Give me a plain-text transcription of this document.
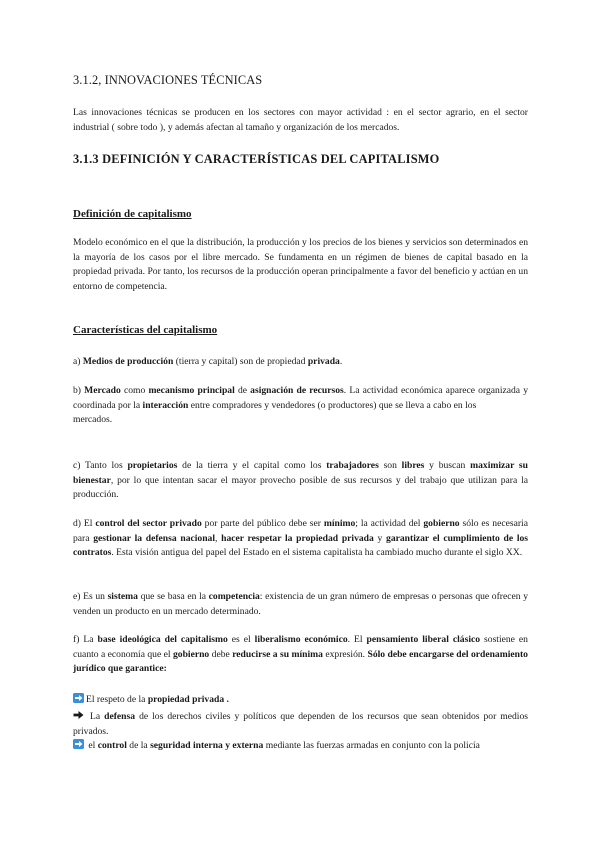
3.1.2, INNOVACIONES TÉCNICAS

Las innovaciones técnicas se producen en los sectores con mayor actividad : en el sector agrario, en el sector industrial ( sobre todo ), y además afectan al tamaño y organización de los mercados.

3.1.3 DEFINICIÓN Y CARACTERÍSTICAS DEL CAPITALISMO

Definición de capitalismo

Modelo económico en el que la distribución, la producción y los precios de los bienes y servicios son determinados en la mayoría de los casos por el libre mercado. Se fundamenta en un régimen de bienes de capital basado en la propiedad privada. Por tanto, los recursos de la producción operan principalmente a favor del beneficio y actúan en un entorno de competencia.

Características del capitalismo

a) Medios de producción (tierra y capital) son de propiedad privada.

b) Mercado como mecanismo principal de asignación de recursos. La actividad económica aparece organizada y coordinada por la interacción entre compradores y vendedores (o productores) que se lleva a cabo en los
mercados.

c) Tanto los propietarios de la tierra y el capital como los trabajadores son libres y buscan maximizar su bienestar, por lo que intentan sacar el mayor provecho posible de sus recursos y del trabajo que utilizan para la producción.

d) El control del sector privado por parte del público debe ser mínimo; la actividad del gobierno sólo es necesaria para gestionar la defensa nacional, hacer respetar la propiedad privada y garantizar el cumplimiento de los contratos. Esta visión antigua del papel del Estado en el sistema capitalista ha cambiado mucho durante el siglo XX.

e) Es un sistema que se basa en la competencia: existencia de un gran número de empresas o personas que ofrecen y venden un producto en un mercado determinado.

f) La base ideológica del capitalismo es el liberalismo económico. El pensamiento liberal clásico sostiene en cuanto a economía que el gobierno debe reducirse a su mínima expresión. Sólo debe encargarse del ordenamiento jurídico que garantice:

El respeto de la propiedad privada .

La defensa de los derechos civiles y políticos que dependen de los recursos que sean obtenidos por medios privados.

el control de la seguridad interna y externa mediante las fuerzas armadas en conjunto con la policía
